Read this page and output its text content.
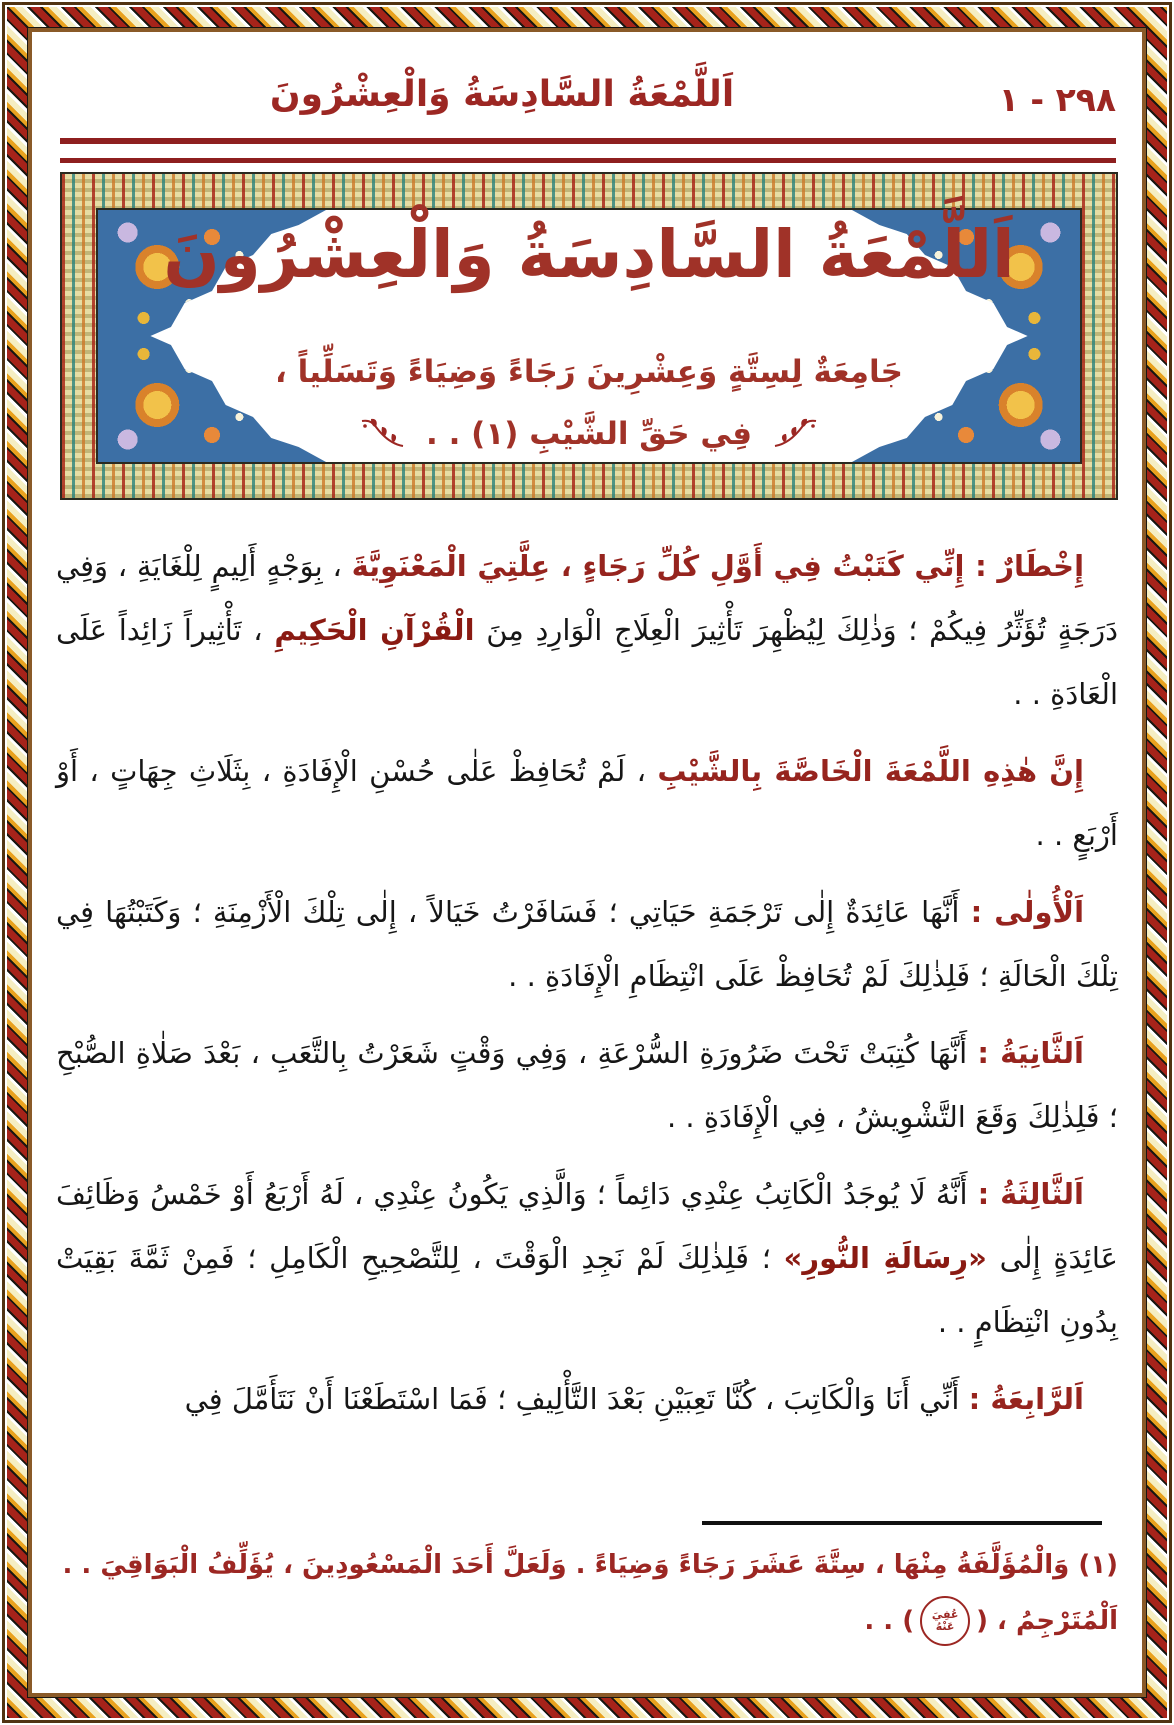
٢٩٨ - ١
اَللَّمْعَةُ السَّادِسَةُ وَالْعِشْرُونَ
اَللَّمْعَةُ السَّادِسَةُ وَالْعِشْرُونَ
جَامِعَةٌ لِسِتَّةٍ وَعِشْرِينَ رَجَاءً وَضِيَاءً وَتَسَلِّياً ،
فِي حَقِّ الشَّيْبِ (١) . .

إِخْطَارٌ : إِنِّي كَتَبْتُ فِي أَوَّلِ كُلِّ رَجَاءٍ ، عِلَّتِيَ الْمَعْنَوِيَّةَ ، بِوَجْهٍ أَلِيمٍ لِلْغَايَةِ ، وَفِي دَرَجَةٍ تُؤَثِّرُ فِيكُمْ ؛ وَذٰلِكَ لِيُظْهِرَ تَأْثِيرَ الْعِلَاجِ الْوَارِدِ مِنَ الْقُرْآنِ الْحَكِيمِ ، تَأْثِيراً زَائِداً عَلَى الْعَادَةِ . .

إِنَّ هٰذِهِ اللَّمْعَةَ الْخَاصَّةَ بِالشَّيْبِ ، لَمْ تُحَافِظْ عَلٰى حُسْنِ الْإِفَادَةِ ، بِثَلَاثِ جِهَاتٍ ، أَوْ أَرْبَعٍ . .

اَلْأُولٰى : أَنَّهَا عَائِدَةٌ إِلٰى تَرْجَمَةِ حَيَاتِي ؛ فَسَافَرْتُ خَيَالاً ، إِلٰى تِلْكَ الْأَزْمِنَةِ ؛ وَكَتَبْتُهَا فِي تِلْكَ الْحَالَةِ ؛ فَلِذٰلِكَ لَمْ تُحَافِظْ عَلَى انْتِظَامِ الْإِفَادَةِ . .

اَلثَّانِيَةُ : أَنَّهَا كُتِبَتْ تَحْتَ ضَرُورَةِ السُّرْعَةِ ، وَفِي وَقْتٍ شَعَرْتُ بِالتَّعَبِ ، بَعْدَ صَلٰاةِ الصُّبْحِ ؛ فَلِذٰلِكَ وَقَعَ التَّشْوِيشُ ، فِي الْإِفَادَةِ . .

اَلثَّالِثَةُ : أَنَّهُ لَا يُوجَدُ الْكَاتِبُ عِنْدِي دَائِماً ؛ وَالَّذِي يَكُونُ عِنْدِي ، لَهُ أَرْبَعُ أَوْ خَمْسُ وَظَائِفَ عَائِدَةٍ إِلٰى «رِسَالَةِ النُّورِ» ؛ فَلِذٰلِكَ لَمْ نَجِدِ الْوَقْتَ ، لِلتَّصْحِيحِ الْكَامِلِ ؛ فَمِنْ ثَمَّةَ بَقِيَتْ بِدُونِ انْتِظَامٍ . .

اَلرَّابِعَةُ : أَنِّي أَنَا وَالْكَاتِبَ ، كُنَّا تَعِبَيْنِ بَعْدَ التَّأْلِيفِ ؛ فَمَا اسْتَطَعْنَا أَنْ نَتَأَمَّلَ فِي

(١) وَالْمُؤَلَّفَةُ مِنْهَا ، سِتَّةَ عَشَرَ رَجَاءً وَضِيَاءً . وَلَعَلَّ أَحَدَ الْمَسْعُودِينَ ، يُؤَلِّفُ الْبَوَاقِيَ . .
اَلْمُتَرْجِمُ ، (
عُفِيَ
عَنْهُ
) . .
